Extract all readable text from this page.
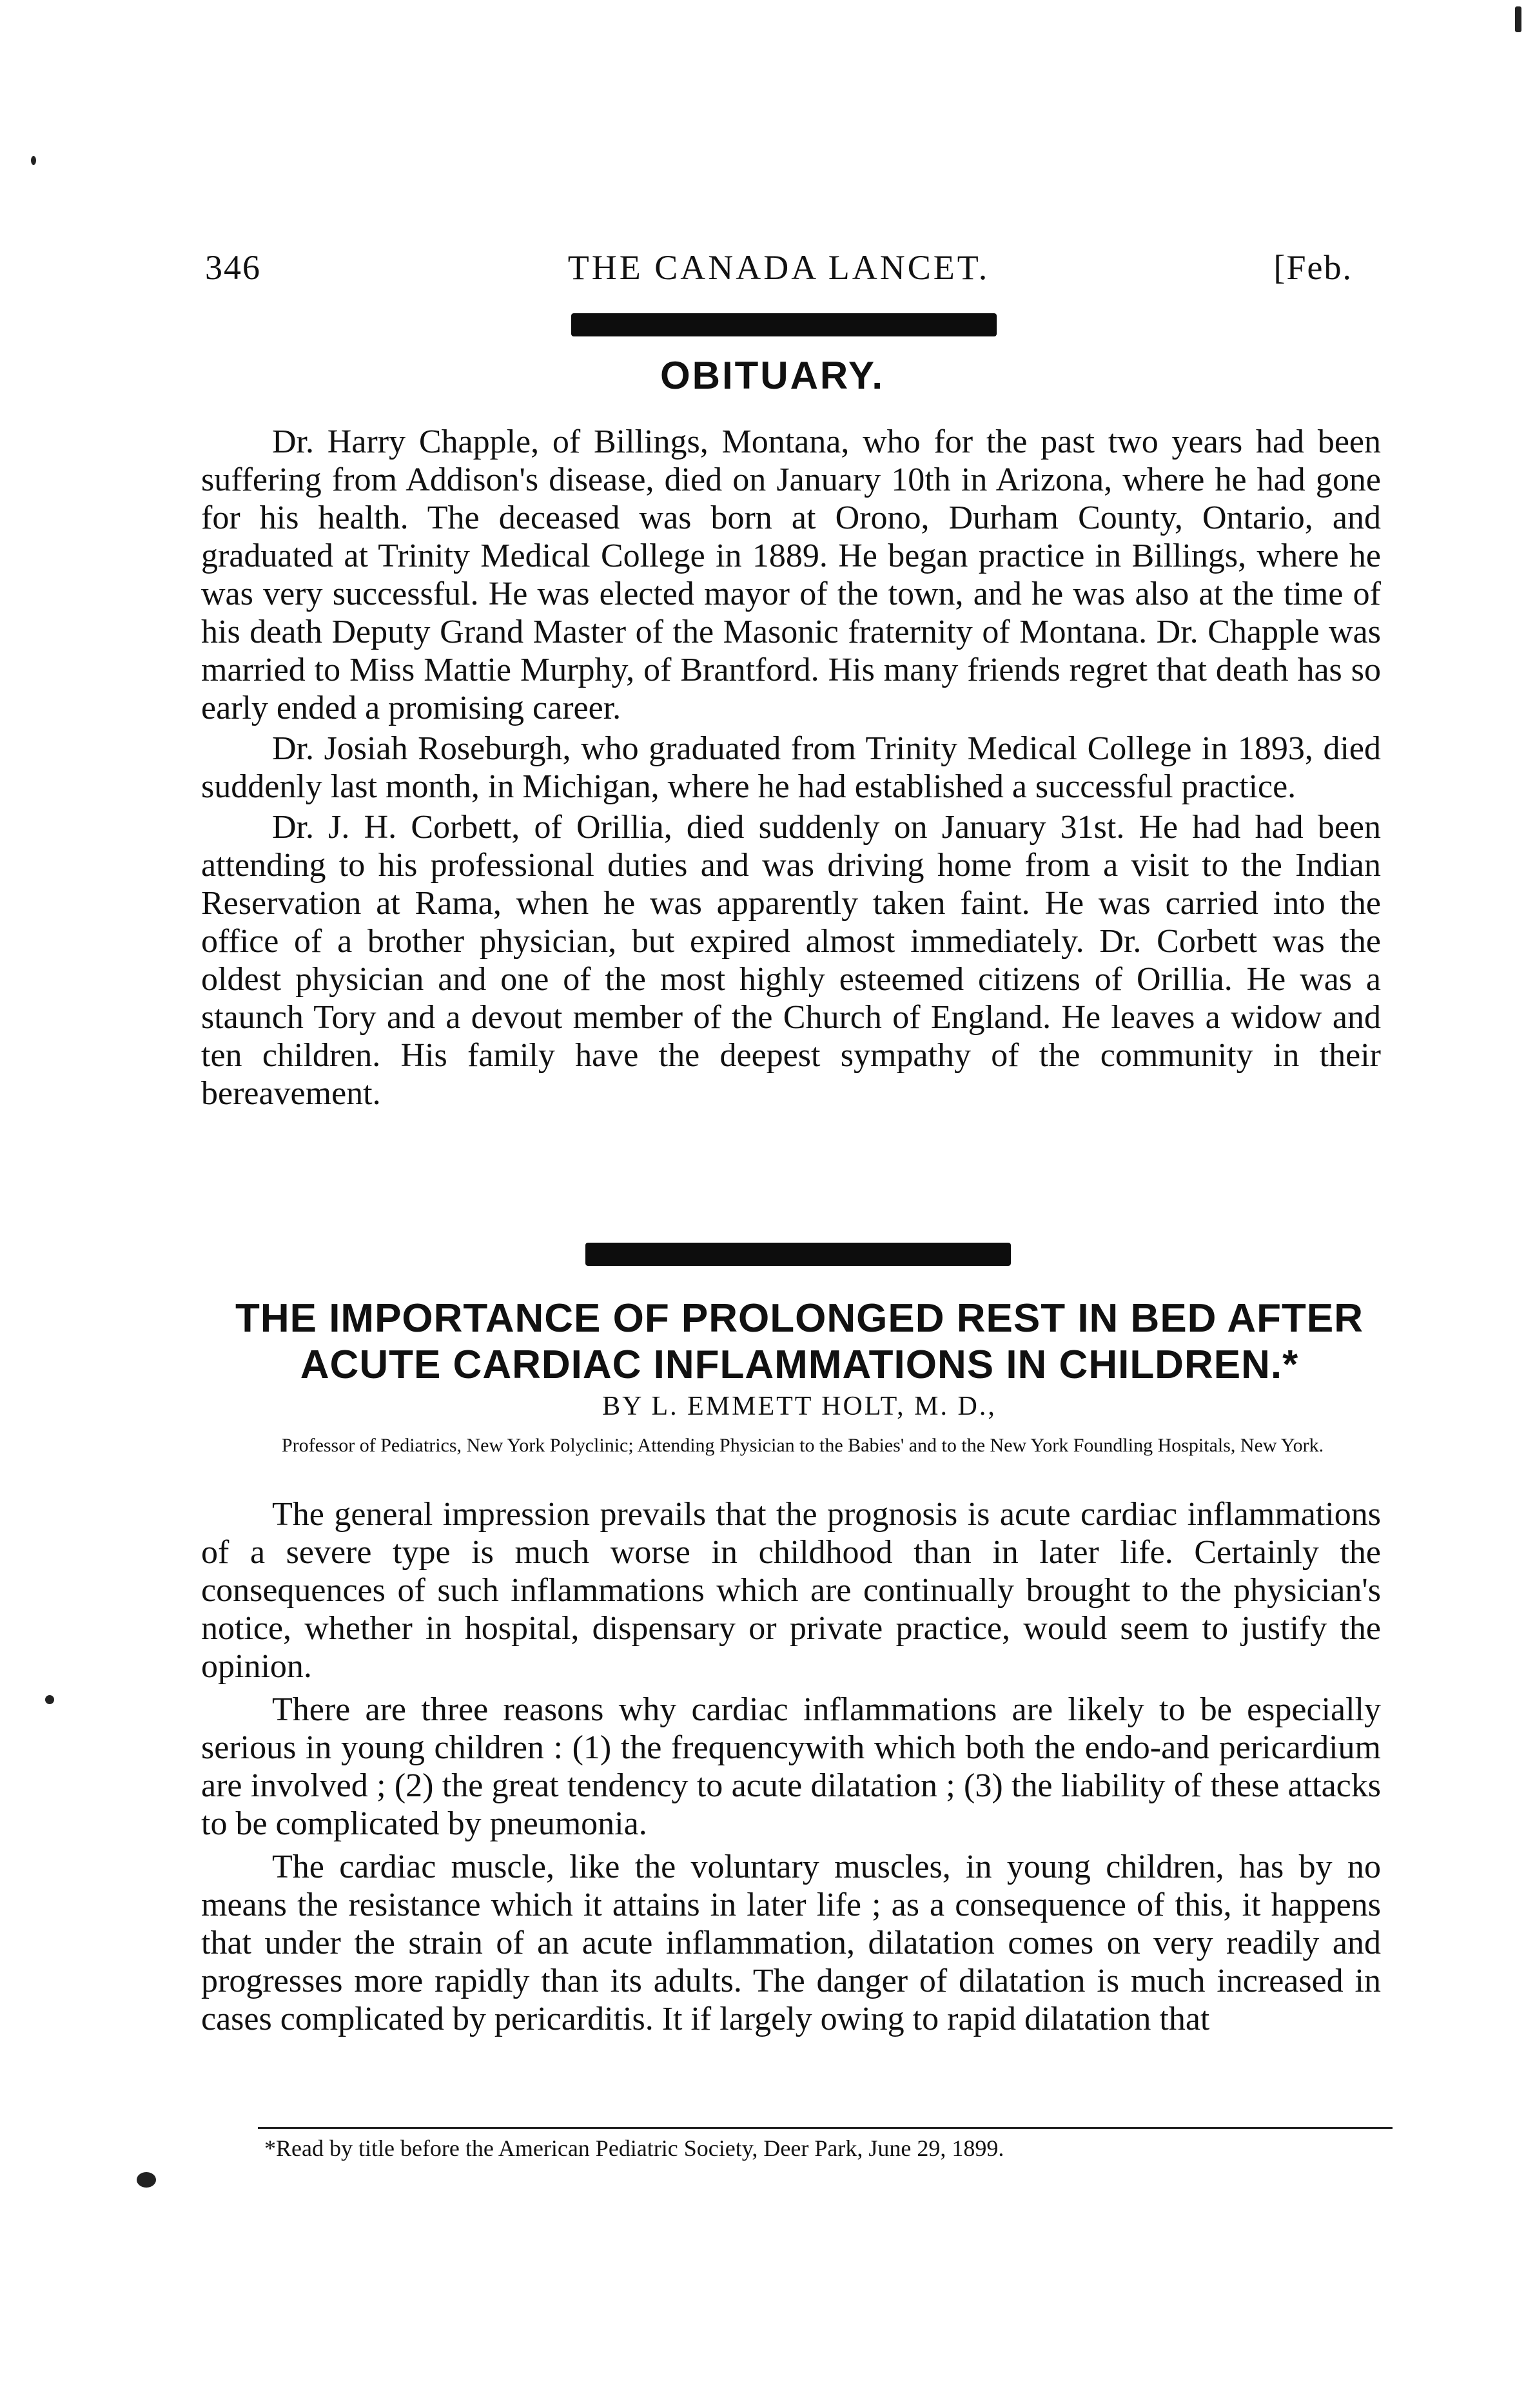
346	THE CANADA LANCET.	[Feb.
OBITUARY.

Dr. Harry Chapple, of Billings, Montana, who for the past two years had been suffering from Addison's disease, died on January 10th in Arizona, where he had gone for his health. The deceased was born at Orono, Durham County, Ontario, and graduated at Trinity Medical College in 1889. He began practice in Billings, where he was very successful. He was elected mayor of the town, and he was also at the time of his death Deputy Grand Master of the Masonic fraternity of Montana. Dr. Chapple was married to Miss Mattie Murphy, of Brantford. His many friends regret that death has so early ended a promising career.

Dr. Josiah Roseburgh, who graduated from Trinity Medical College in 1893, died suddenly last month, in Michigan, where he had established a successful practice.

Dr. J. H. Corbett, of Orillia, died suddenly on January 31st. He had had been attending to his professional duties and was driving home from a visit to the Indian Reservation at Rama, when he was apparently taken faint. He was carried into the office of a brother physician, but expired almost immediately. Dr. Corbett was the oldest physician and one of the most highly esteemed citizens of Orillia. He was a staunch Tory and a devout member of the Church of England. He leaves a widow and ten children. His family have the deepest sympathy of the community in their bereavement.

THE IMPORTANCE OF PROLONGED REST IN BED AFTER ACUTE CARDIAC INFLAMMATIONS IN CHILDREN.*
BY L. EMMETT HOLT, M. D.,
Professor of Pediatrics, New York Polyclinic; Attending Physician to the Babies' and to the New York Foundling Hospitals, New York.

The general impression prevails that the prognosis is acute cardiac inflammations of a severe type is much worse in childhood than in later life. Certainly the consequences of such inflammations which are continually brought to the physician's notice, whether in hospital, dispensary or private practice, would seem to justify the opinion.

There are three reasons why cardiac inflammations are likely to be especially serious in young children : (1) the frequencywith which both the endo-and pericardium are involved ; (2) the great tendency to acute dilatation ; (3) the liability of these attacks to be complicated by pneumonia.

The cardiac muscle, like the voluntary muscles, in young children, has by no means the resistance which it attains in later life ; as a consequence of this, it happens that under the strain of an acute inflammation, dilatation comes on very readily and progresses more rapidly than its adults. The danger of dilatation is much increased in cases complicated by pericarditis. It if largely owing to rapid dilatation that

*Read by title before the American Pediatric Society, Deer Park, June 29, 1899.
